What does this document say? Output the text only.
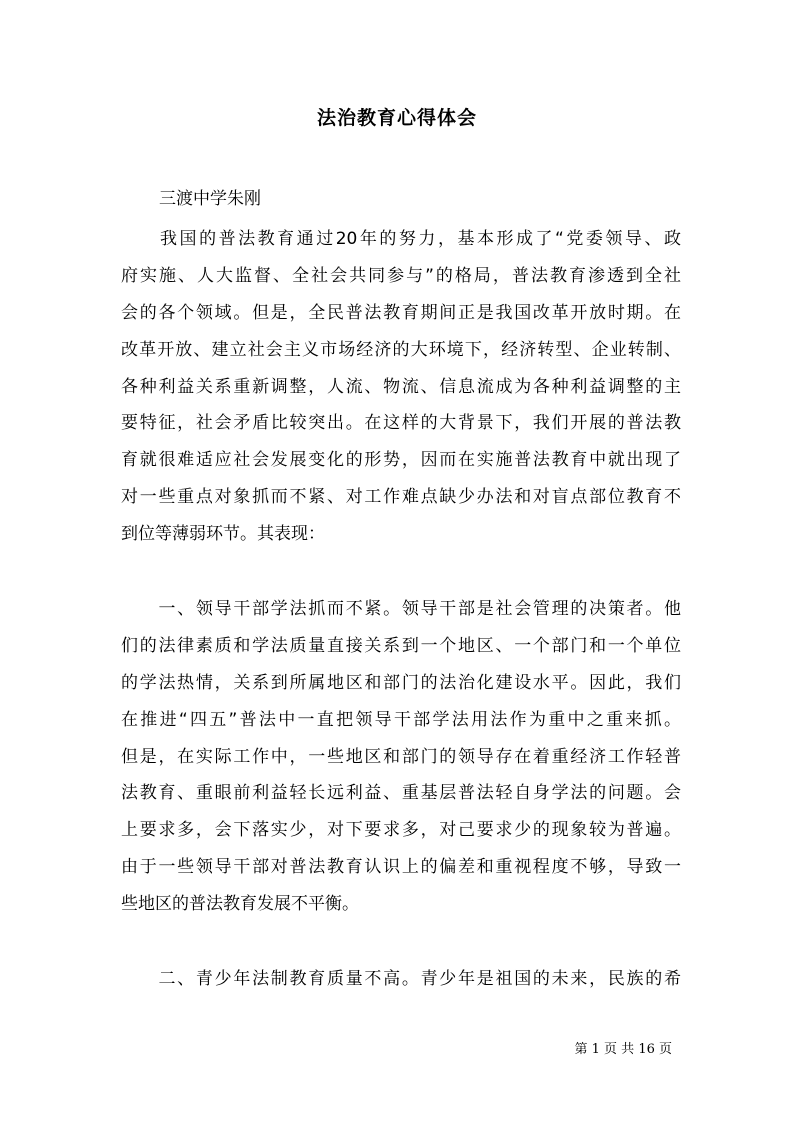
法治教育心得体会
三渡中学朱刚
　　我国的普法教育通过20年的努力，基本形成了“党委领导、政
府实施、人大监督、全社会共同参与”的格局，普法教育渗透到全社
会的各个领域。但是，全民普法教育期间正是我国改革开放时期。在
改革开放、建立社会主义市场经济的大环境下，经济转型、企业转制、
各种利益关系重新调整，人流、物流、信息流成为各种利益调整的主
要特征，社会矛盾比较突出。在这样的大背景下，我们开展的普法教
育就很难适应社会发展变化的形势，因而在实施普法教育中就出现了
对一些重点对象抓而不紧、对工作难点缺少办法和对盲点部位教育不
到位等薄弱环节。其表现：
　　一、领导干部学法抓而不紧。领导干部是社会管理的决策者。他
们的法律素质和学法质量直接关系到一个地区、一个部门和一个单位
的学法热情，关系到所属地区和部门的法治化建设水平。因此，我们
在推进“四五”普法中一直把领导干部学法用法作为重中之重来抓。
但是，在实际工作中，一些地区和部门的领导存在着重经济工作轻普
法教育、重眼前利益轻长远利益、重基层普法轻自身学法的问题。会
上要求多，会下落实少，对下要求多，对己要求少的现象较为普遍。
由于一些领导干部对普法教育认识上的偏差和重视程度不够，导致一
些地区的普法教育发展不平衡。
　　二、青少年法制教育质量不高。青少年是祖国的未来，民族的希
第 1 页 共 16 页
